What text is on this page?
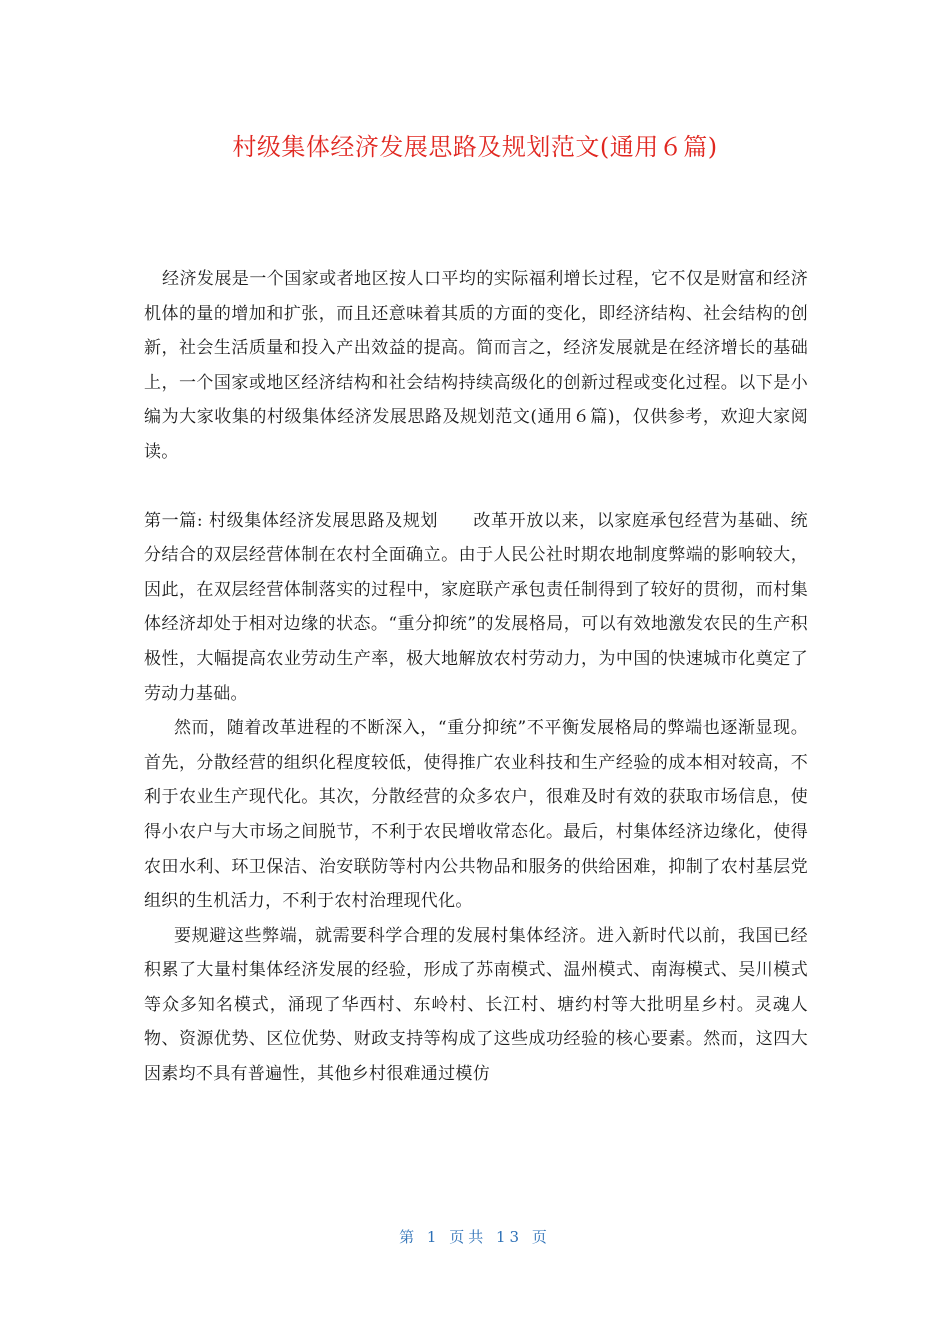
村级集体经济发展思路及规划范文(通用６篇)

经济发展是一个国家或者地区按人口平均的实际福利增长过程，它不仅是财富和经济机体的量的增加和扩张，而且还意味着其质的方面的变化，即经济结构、社会结构的创新，社会生活质量和投入产出效益的提高。简而言之，经济发展就是在经济增长的基础上，一个国家或地区经济结构和社会结构持续高级化的创新过程或变化过程。以下是小编为大家收集的村级集体经济发展思路及规划范文(通用６篇)，仅供参考，欢迎大家阅读。

第一篇: 村级集体经济发展思路及规划　　改革开放以来，以家庭承包经营为基础、统分结合的双层经营体制在农村全面确立。由于人民公社时期农地制度弊端的影响较大，因此，在双层经营体制落实的过程中，家庭联产承包责任制得到了较好的贯彻，而村集体经济却处于相对边缘的状态。“重分抑统”的发展格局，可以有效地激发农民的生产积极性，大幅提高农业劳动生产率，极大地解放农村劳动力，为中国的快速城市化奠定了劳动力基础。

然而，随着改革进程的不断深入，“重分抑统”不平衡发展格局的弊端也逐渐显现。首先，分散经营的组织化程度较低，使得推广农业科技和生产经验的成本相对较高，不利于农业生产现代化。其次，分散经营的众多农户，很难及时有效的获取市场信息，使得小农户与大市场之间脱节，不利于农民增收常态化。最后，村集体经济边缘化，使得农田水利、环卫保洁、治安联防等村内公共物品和服务的供给困难，抑制了农村基层党组织的生机活力，不利于农村治理现代化。

要规避这些弊端，就需要科学合理的发展村集体经济。进入新时代以前，我国已经积累了大量村集体经济发展的经验，形成了苏南模式、温州模式、南海模式、吴川模式等众多知名模式，涌现了华西村、东岭村、长江村、塘约村等大批明星乡村。灵魂人物、资源优势、区位优势、财政支持等构成了这些成功经验的核心要素。然而，这四大因素均不具有普遍性，其他乡村很难通过模仿

第 1 页共 13 页
